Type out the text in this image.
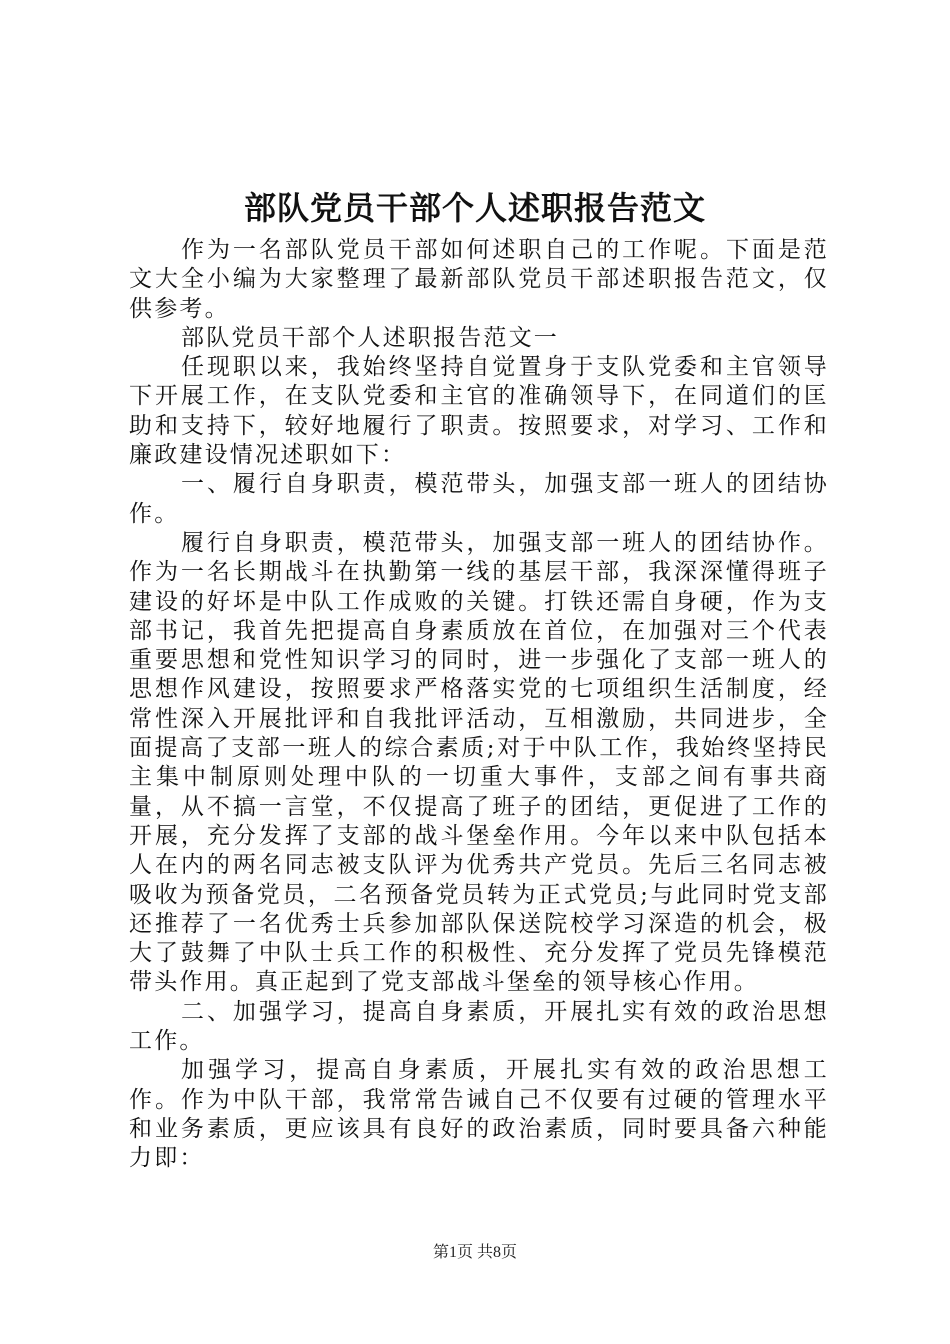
部队党员干部个人述职报告范文

作为一名部队党员干部如何述职自己的工作呢。下面是范文大全小编为大家整理了最新部队党员干部述职报告范文，仅供参考。

部队党员干部个人述职报告范文一

任现职以来，我始终坚持自觉置身于支队党委和主官领导下开展工作，在支队党委和主官的准确领导下，在同道们的匡助和支持下，较好地履行了职责。按照要求，对学习、工作和廉政建设情况述职如下：

一、履行自身职责，模范带头，加强支部一班人的团结协作。

履行自身职责，模范带头，加强支部一班人的团结协作。作为一名长期战斗在执勤第一线的基层干部，我深深懂得班子建设的好坏是中队工作成败的关键。打铁还需自身硬，作为支部书记，我首先把提高自身素质放在首位，在加强对三个代表重要思想和党性知识学习的同时，进一步强化了支部一班人的思想作风建设，按照要求严格落实党的七项组织生活制度，经常性深入开展批评和自我批评活动，互相激励，共同进步，全面提高了支部一班人的综合素质;对于中队工作，我始终坚持民主集中制原则处理中队的一切重大事件，支部之间有事共商量，从不搞一言堂，不仅提高了班子的团结，更促进了工作的开展，充分发挥了支部的战斗堡垒作用。今年以来中队包括本人在内的两名同志被支队评为优秀共产党员。先后三名同志被吸收为预备党员，二名预备党员转为正式党员;与此同时党支部还推荐了一名优秀士兵参加部队保送院校学习深造的机会，极大了鼓舞了中队士兵工作的积极性、充分发挥了党员先锋模范带头作用。真正起到了党支部战斗堡垒的领导核心作用。

二、加强学习，提高自身素质，开展扎实有效的政治思想工作。

加强学习，提高自身素质，开展扎实有效的政治思想工作。作为中队干部，我常常告诫自己不仅要有过硬的管理水平和业务素质，更应该具有良好的政治素质，同时要具备六种能力即：

第1页 共8页
